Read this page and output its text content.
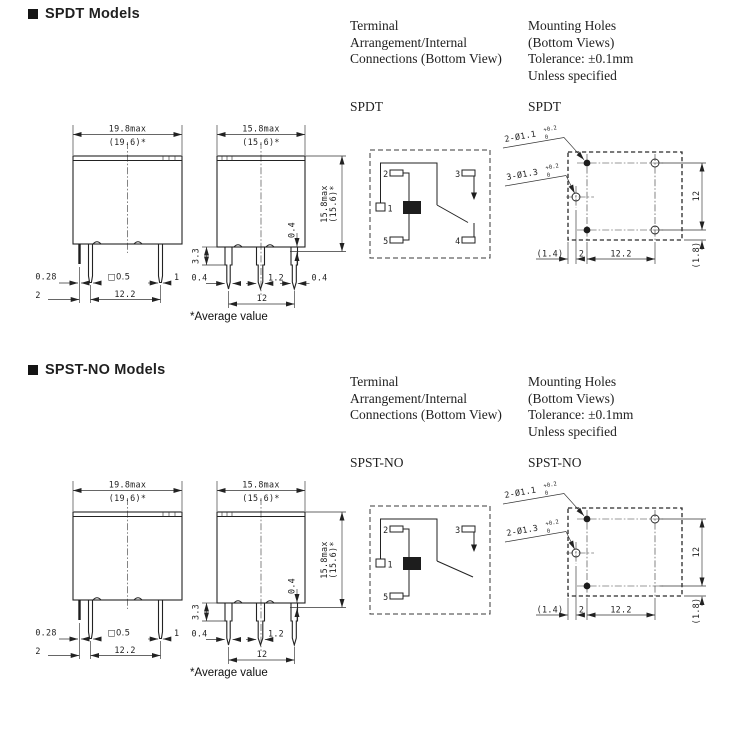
SPDT Models
Terminal
Arrangement/Internal
Connections (Bottom View)
Mounting Holes
(Bottom Views)
Tolerance: ±0.1mm
Unless specified
SPDT	SPDT
19.8max
(19.6)*
0.28	□0.5	1
2	12.2
15.8max
(15.6)*
3.3
0.4
15.8max (15.6)*
0.4	1.2	0.4
12
2	3
1
5	4
2-Ø1.1 +0.2
0
3-Ø1.3 +0.2
0
(1.4) 2	12.2
12
(1.8)
*Average value
SPST-NO Models
Terminal
Arrangement/Internal
Connections (Bottom View)
Mounting Holes
(Bottom Views)
Tolerance: ±0.1mm
Unless specified
SPST-NO	SPST-NO
19.8max
(19.6)*
0.28	□0.5	1
2	12.2
15.8max
(15.6)*
3.3
0.4
15.8max (15.6)*
0.4	1.2
12
2	3
1
5
2-Ø1.1 +0.2
0
2-Ø1.3 +0.2
0
(1.4) 2	12.2
12
(1.8)
*Average value
